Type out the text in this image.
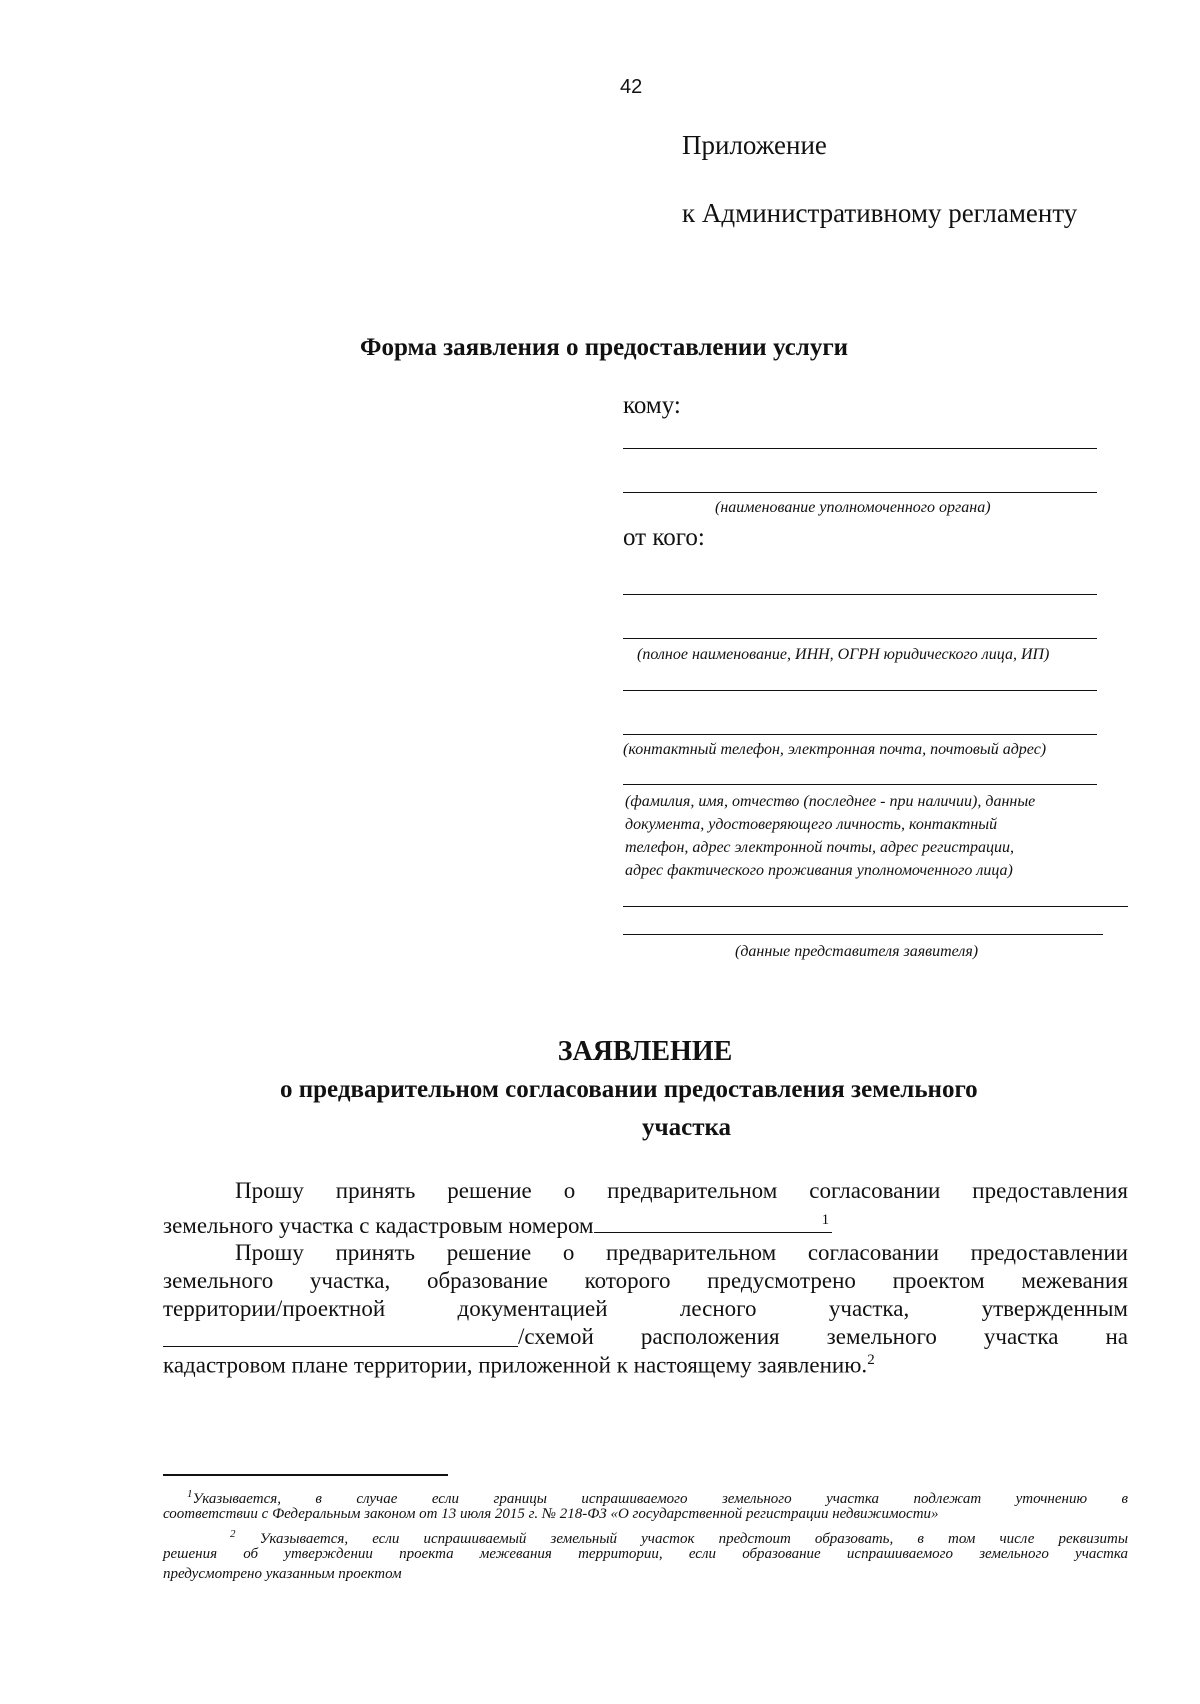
42
Приложение
к Административному регламенту
Форма заявления о предоставлении услуги
кому:
(наименование уполномоченного органа)
от кого:
(полное наименование, ИНН, ОГРН юридического лица, ИП)
(контактный телефон, электронная почта, почтовый адрес)
(фамилия, имя, отчество (последнее - при наличии), данные
документа, удостоверяющего личность, контактный
телефон, адрес электронной почты, адрес регистрации,
адрес фактического проживания уполномоченного лица)
(данные представителя заявителя)
ЗАЯВЛЕНИЕ
о предварительном согласовании предоставления земельного
участка
Прошу принять решение о предварительном согласовании предоставления
земельного участка с кадастровым номером	$^1$
Прошу принять решение о предварительном согласовании предоставлении
земельного участка, образование которого предусмотрено проектом межевания
территории/проектной	документацией	лесного	участка,	утвержденным
/схемой расположения земельного участка на
кадастровом плане территории, приложенной к настоящему заявлению.$^2$
$^1$Указывается, в случае если границы испрашиваемого земельного участка подлежат уточнению в
соответствии с Федеральным законом от 13 июля 2015 г. № 218-ФЗ «О государственной регистрации недвижимости»
$^2$ Указывается, если испрашиваемый земельный участок предстоит образовать, в том числе реквизиты
решения об утверждении проекта межевания территории, если образование испрашиваемого земельного участка
предусмотрено указанным проектом
